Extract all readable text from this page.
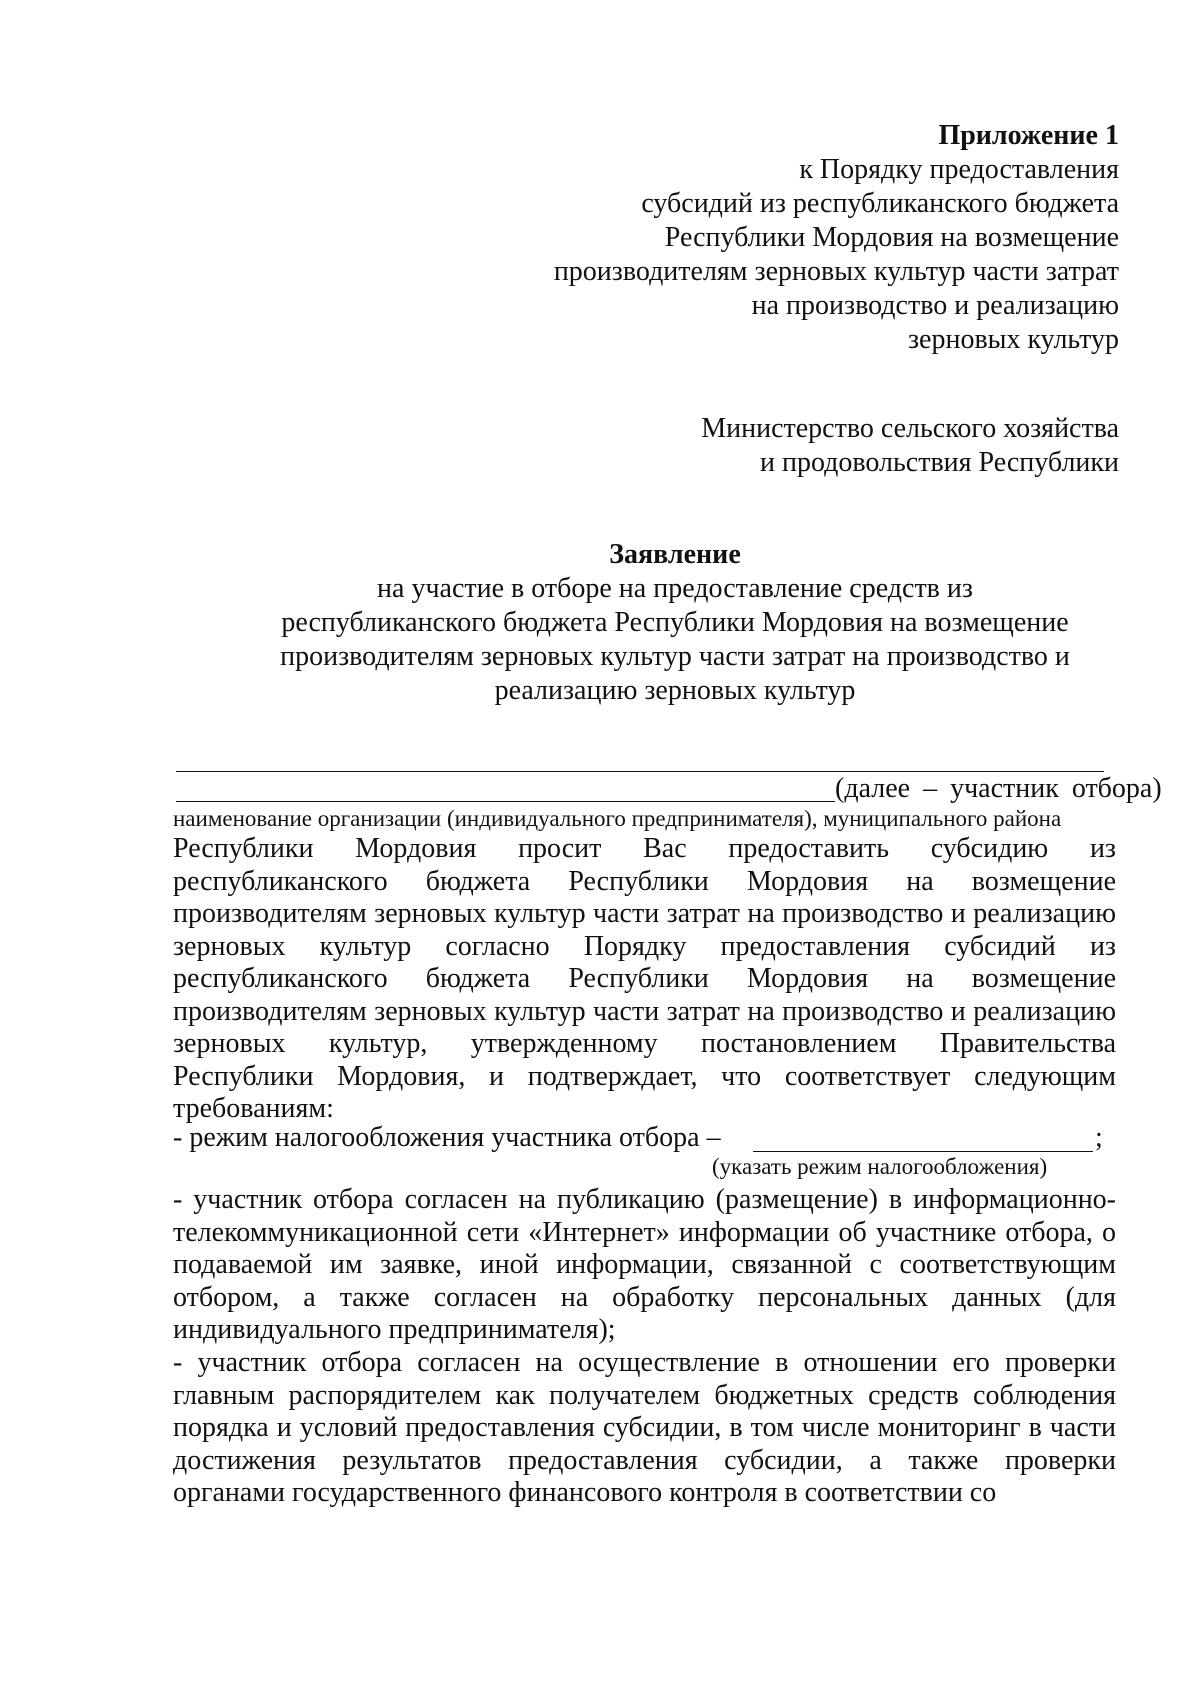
Приложение 1
к Порядку предоставления
субсидий из республиканского бюджета
Республики Мордовия на возмещение
производителям зерновых культур части затрат
на производство и реализацию
зерновых культур
Министерство сельского хозяйства
и продовольствия Республики
Заявление
на участие в отборе на предоставление средств из
республиканского бюджета Республики Мордовия на возмещение
производителям зерновых культур части затрат на производство и
реализацию зерновых культур
(далее – участник отбора)
наименование организации (индивидуального предпринимателя), муниципального района
Республики Мордовия просит Вас предоставить субсидию из республиканского бюджета Республики Мордовия на возмещение производителям зерновых культур части затрат на производство и реализацию зерновых культур согласно Порядку предоставления субсидий из республиканского бюджета Республики Мордовия на возмещение производителям зерновых культур части затрат на производство и реализацию зерновых культур, утвержденному постановлением Правительства Республики Мордовия, и подтверждает, что соответствует следующим требованиям:
- режим налогообложения участника отбора –	;
(указать режим налогообложения)
- участник отбора согласен на публикацию (размещение) в информационно-телекоммуникационной сети «Интернет» информации об участнике отбора, о подаваемой им заявке, иной информации, связанной с соответствующим отбором, а также согласен на обработку персональных данных (для индивидуального предпринимателя);
- участник отбора согласен на осуществление в отношении его проверки главным распорядителем как получателем бюджетных средств соблюдения порядка и условий предоставления субсидии, в том числе мониторинг в части достижения результатов предоставления субсидии, а также проверки органами государственного финансового контроля в соответствии со
